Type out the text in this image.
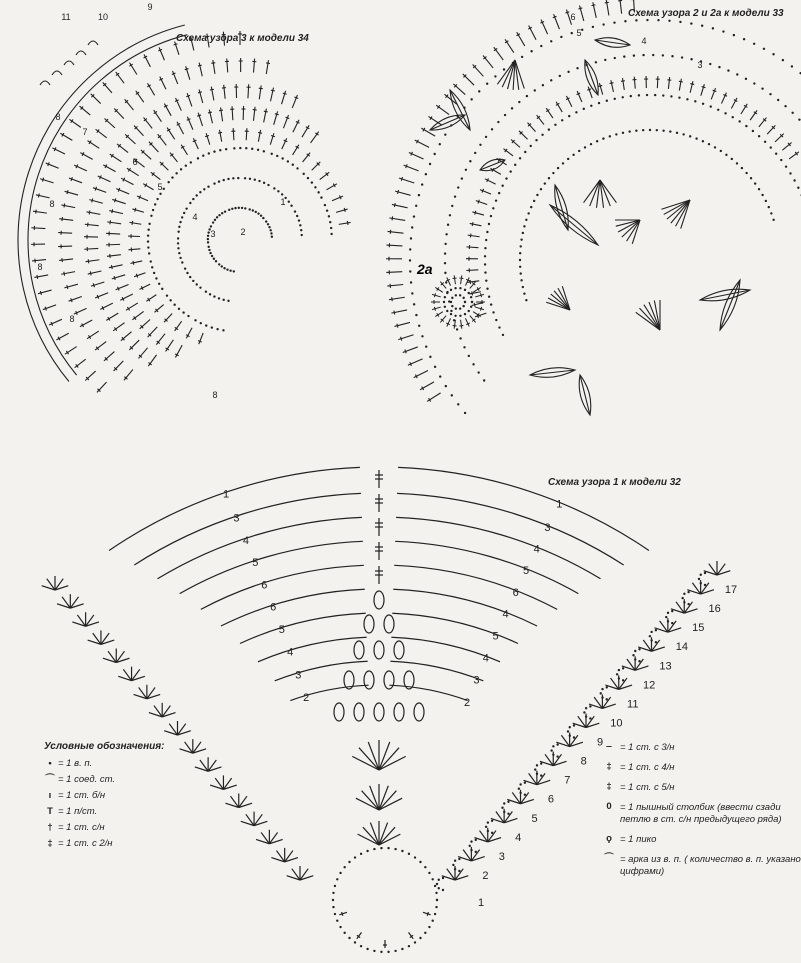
Схема узора 3 к модели 34
Схема узора 2 и 2а к модели 33
Схема узора 1 к модели 32
2а
11	10
9
8
8
7
6
5
4
3	2
1
8
8
8
6
5
4
3
1
1
3
3
4
4
5
5
6
6
6
4
5
5
4	4
3	3
2	2
1
2
3
4
5
6
7
8
9
10
11
12
13
14
15
16
17
Условные обозначения:
• = 1 в. п.
⌒ = 1 соед. ст.
ı = 1 ст. б/н
T = 1 п/ст.
† = 1 ст. с/н
‡ = 1 ст. с 2/н
‒ = 1 ст. с 3/н
‡ = 1 ст. с 4/н
‡ = 1 ст. с 5/н
0 = 1 пышный столбик (ввести сзади петлю в ст. с/н предыдущего ряда)
ϙ = 1 пико
⌒ = арка из в. п. ( количество в. п. указано цифрами)
